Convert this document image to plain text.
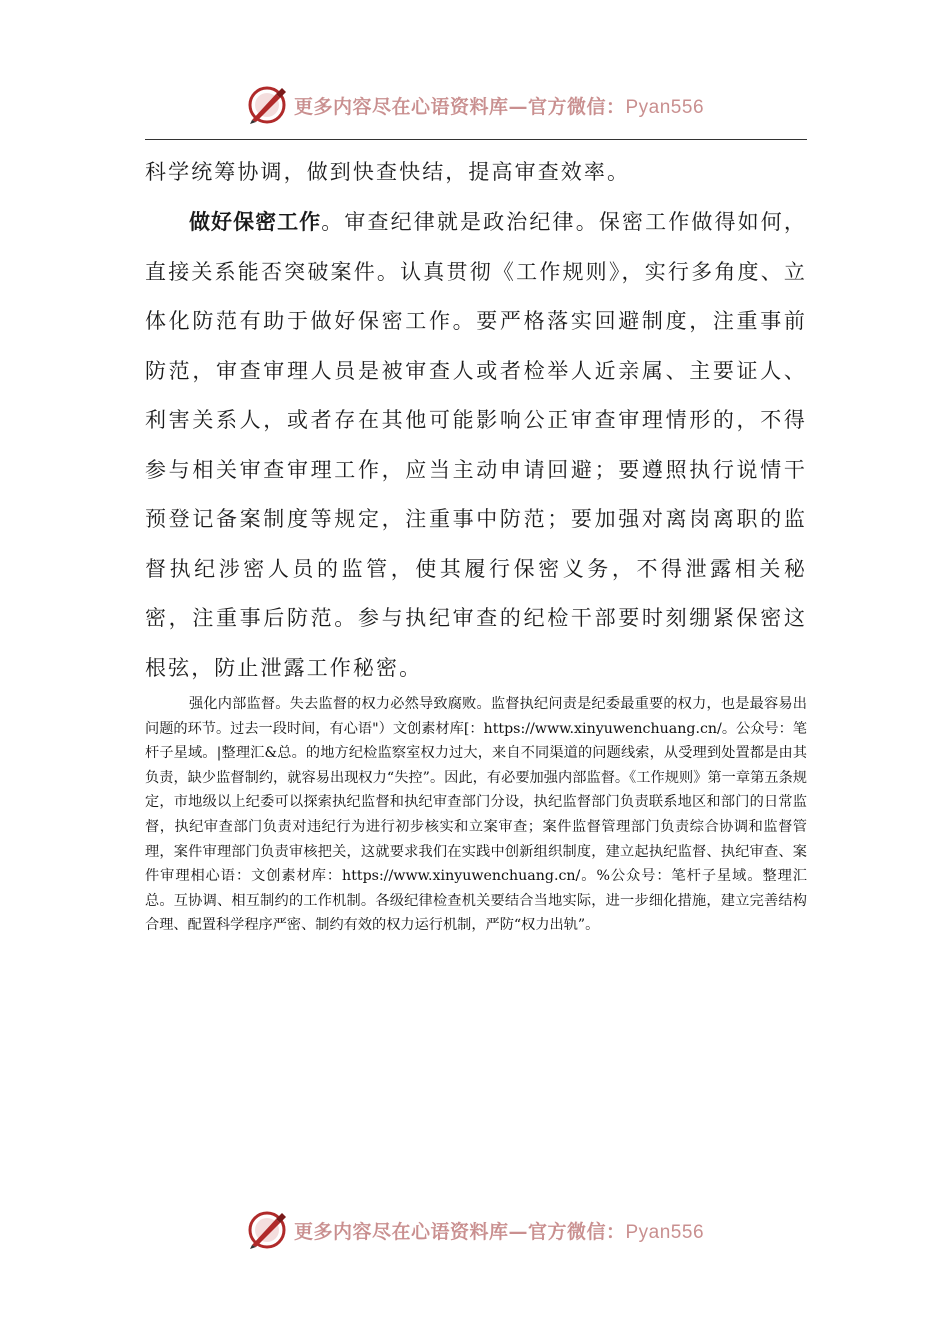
更多内容尽在心语资料库—官方微信：Pyan556
科学统筹协调，做到快查快结，提高审查效率。
做好保密工作。审查纪律就是政治纪律。保密工作做得如何，直接关系能否突破案件。认真贯彻《工作规则》，实行多角度、立体化防范有助于做好保密工作。要严格落实回避制度，注重事前防范，审查审理人员是被审查人或者检举人近亲属、主要证人、利害关系人，或者存在其他可能影响公正审查审理情形的，不得参与相关审查审理工作，应当主动申请回避；要遵照执行说情干预登记备案制度等规定，注重事中防范；要加强对离岗离职的监督执纪涉密人员的监管，使其履行保密义务，不得泄露相关秘密，注重事后防范。参与执纪审查的纪检干部要时刻绷紧保密这根弦，防止泄露工作秘密。
强化内部监督。失去监督的权力必然导致腐败。监督执纪问责是纪委最重要的权力，也是最容易出问题的环节。过去一段时间，有心语"）文创素材库[：https://www.xinyuwenchuang.cn/。公众号：笔杆子星域。|整理汇&总。的地方纪检监察室权力过大，来自不同渠道的问题线索，从受理到处置都是由其负责，缺少监督制约，就容易出现权力“失控”。因此，有必要加强内部监督。《工作规则》第一章第五条规定，市地级以上纪委可以探索执纪监督和执纪审查部门分设，执纪监督部门负责联系地区和部门的日常监督，执纪审查部门负责对违纪行为进行初步核实和立案审查；案件监督管理部门负责综合协调和监督管理，案件审理部门负责审核把关，这就要求我们在实践中创新组织制度，建立起执纪监督、执纪审查、案件审理相心语：文创素材库：https://www.xinyuwenchuang.cn/。%公众号：笔杆子星域。整理汇总。互协调、相互制约的工作机制。各级纪律检查机关要结合当地实际，进一步细化措施，建立完善结构合理、配置科学程序严密、制约有效的权力运行机制，严防“权力出轨”。
更多内容尽在心语资料库—官方微信：Pyan556
